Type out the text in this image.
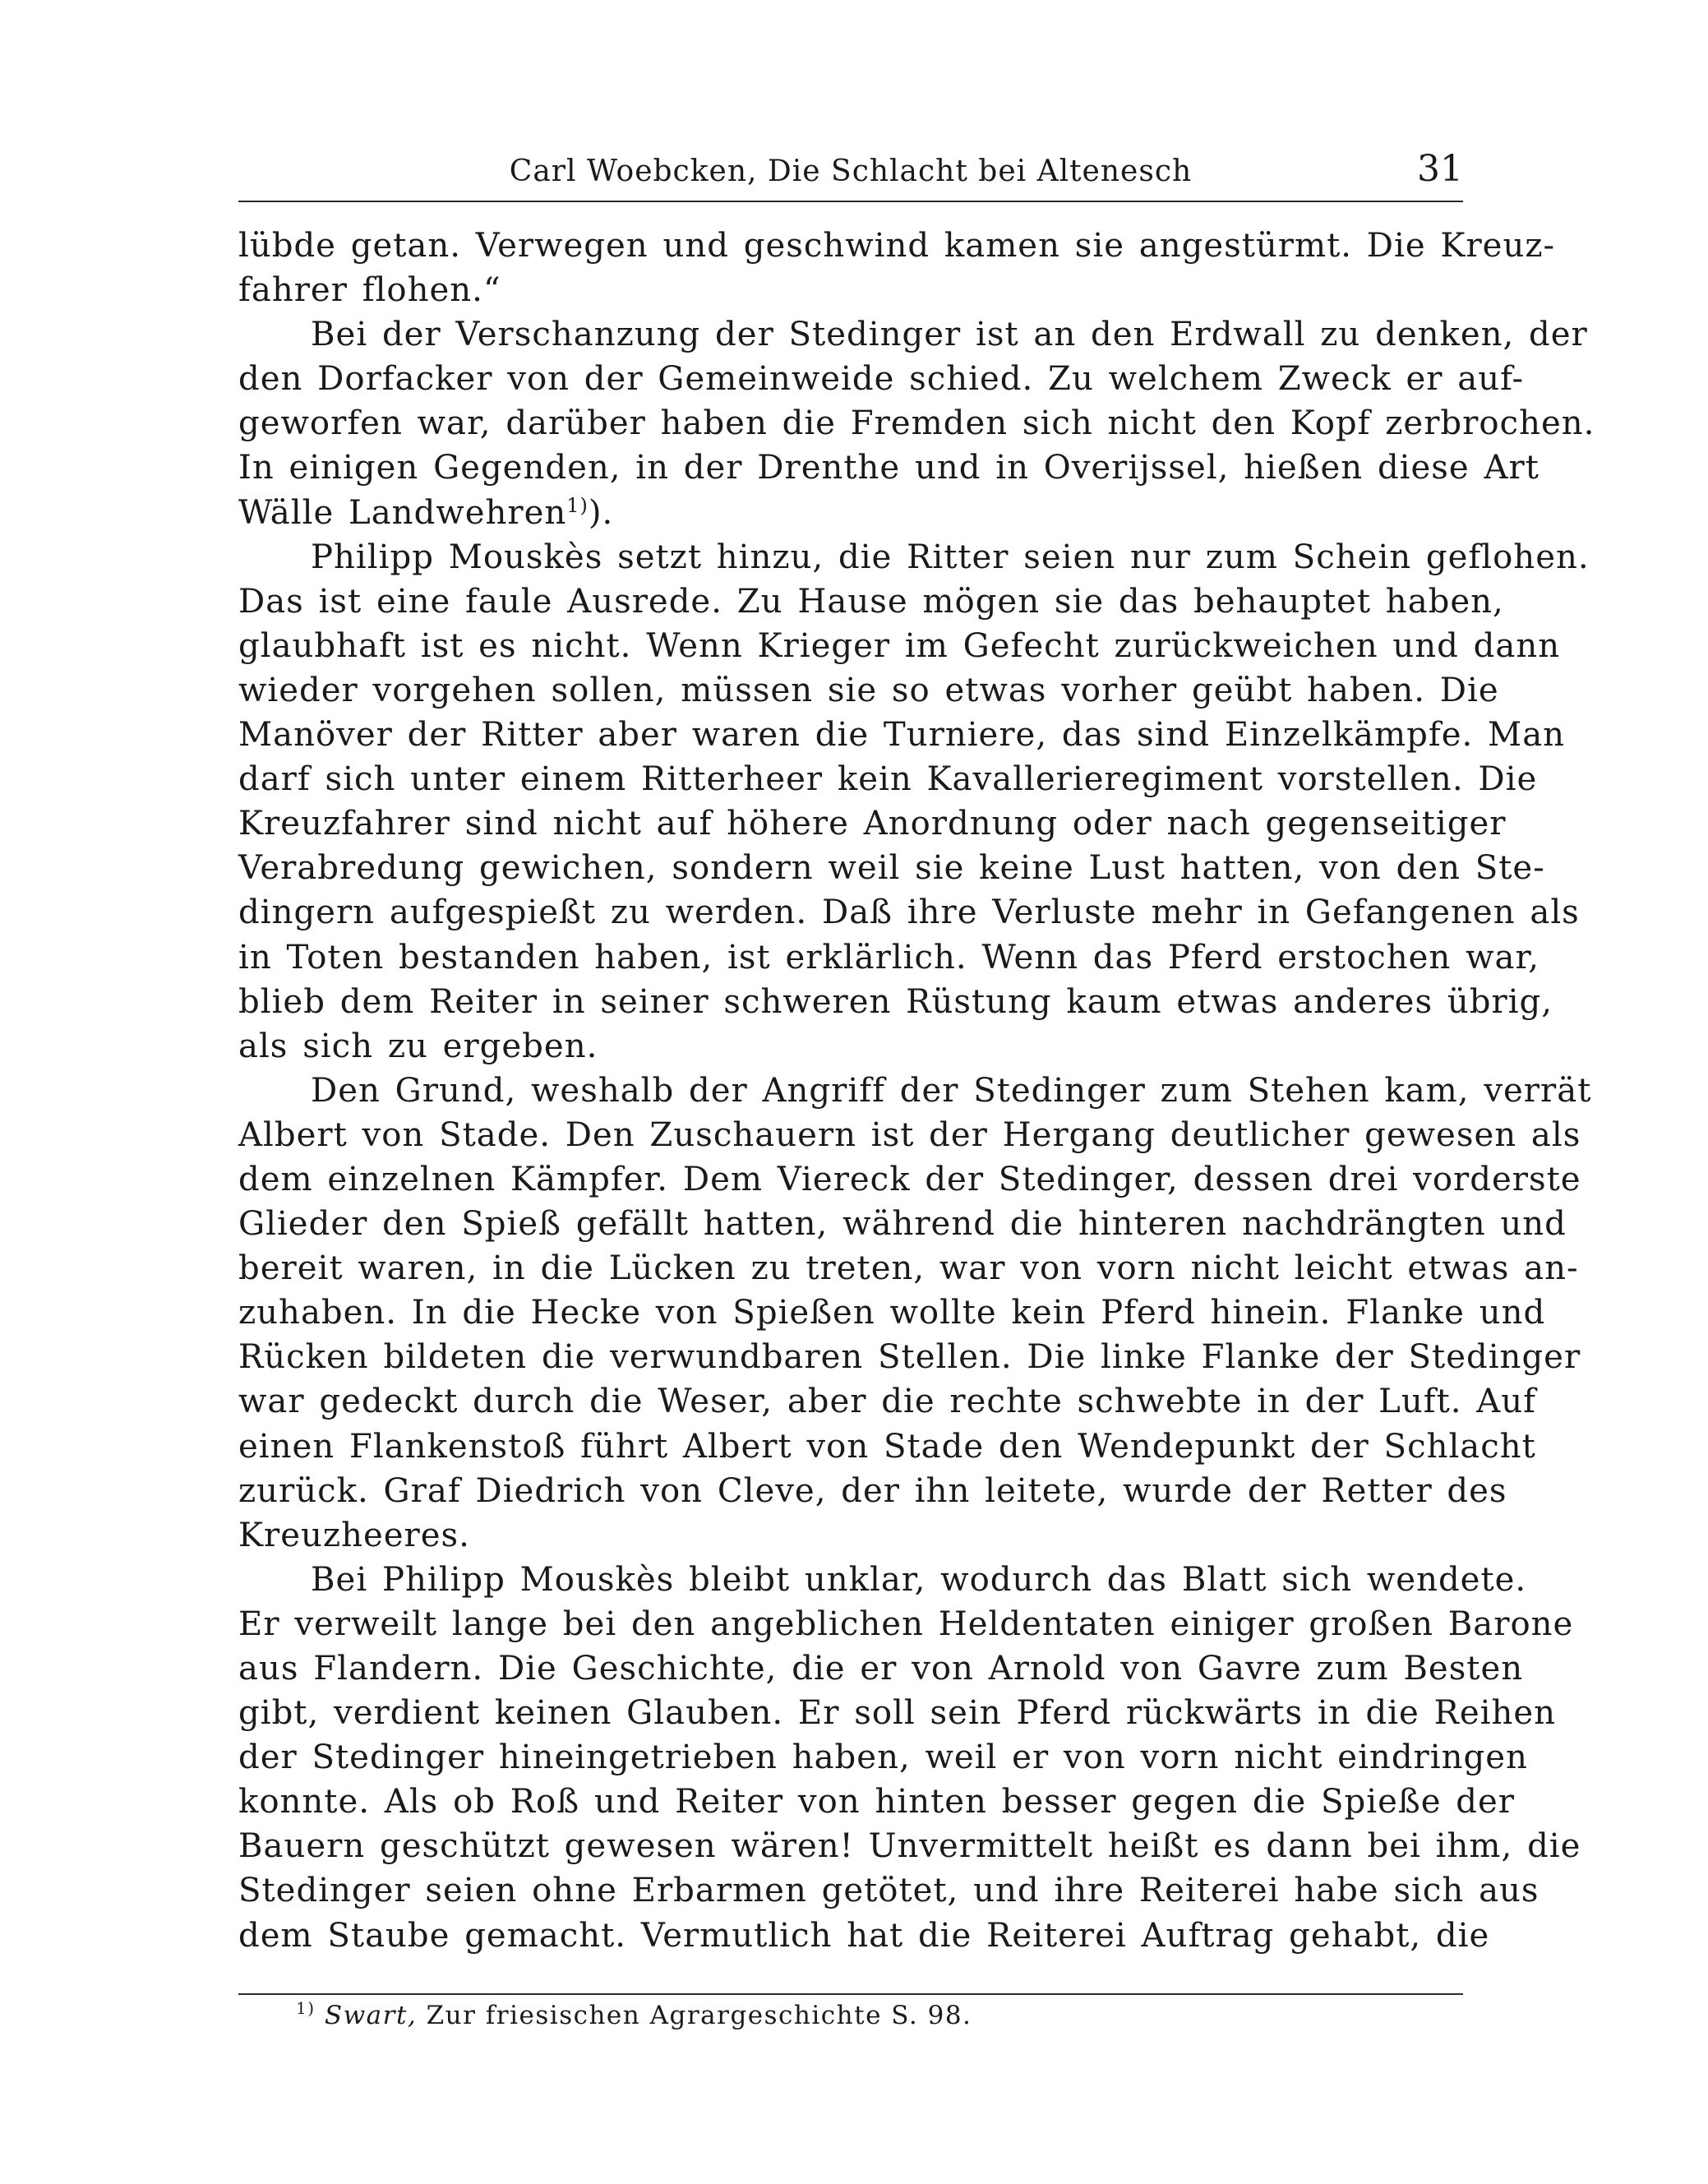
Carl Woebcken, Die Schlacht bei Altenesch	31
lübde getan. Verwegen und geschwind kamen sie angestürmt. Die Kreuz-
fahrer flohen.“
Bei der Verschanzung der Stedinger ist an den Erdwall zu denken, der
den Dorfacker von der Gemeinweide schied. Zu welchem Zweck er auf-
geworfen war, darüber haben die Fremden sich nicht den Kopf zerbrochen.
In einigen Gegenden, in der Drenthe und in Overijssel, hießen diese Art
Wälle Landwehren$^{1)}$).
Philipp Mouskès setzt hinzu, die Ritter seien nur zum Schein geflohen.
Das ist eine faule Ausrede. Zu Hause mögen sie das behauptet haben,
glaubhaft ist es nicht. Wenn Krieger im Gefecht zurückweichen und dann
wieder vorgehen sollen, müssen sie so etwas vorher geübt haben. Die
Manöver der Ritter aber waren die Turniere, das sind Einzelkämpfe. Man
darf sich unter einem Ritterheer kein Kavallerieregiment vorstellen. Die
Kreuzfahrer sind nicht auf höhere Anordnung oder nach gegenseitiger
Verabredung gewichen, sondern weil sie keine Lust hatten, von den Ste-
dingern aufgespießt zu werden. Daß ihre Verluste mehr in Gefangenen als
in Toten bestanden haben, ist erklärlich. Wenn das Pferd erstochen war,
blieb dem Reiter in seiner schweren Rüstung kaum etwas anderes übrig,
als sich zu ergeben.
Den Grund, weshalb der Angriff der Stedinger zum Stehen kam, verrät
Albert von Stade. Den Zuschauern ist der Hergang deutlicher gewesen als
dem einzelnen Kämpfer. Dem Viereck der Stedinger, dessen drei vorderste
Glieder den Spieß gefällt hatten, während die hinteren nachdrängten und
bereit waren, in die Lücken zu treten, war von vorn nicht leicht etwas an-
zuhaben. In die Hecke von Spießen wollte kein Pferd hinein. Flanke und
Rücken bildeten die verwundbaren Stellen. Die linke Flanke der Stedinger
war gedeckt durch die Weser, aber die rechte schwebte in der Luft. Auf
einen Flankenstoß führt Albert von Stade den Wendepunkt der Schlacht
zurück. Graf Diedrich von Cleve, der ihn leitete, wurde der Retter des
Kreuzheeres.
Bei Philipp Mouskès bleibt unklar, wodurch das Blatt sich wendete.
Er verweilt lange bei den angeblichen Heldentaten einiger großen Barone
aus Flandern. Die Geschichte, die er von Arnold von Gavre zum Besten
gibt, verdient keinen Glauben. Er soll sein Pferd rückwärts in die Reihen
der Stedinger hineingetrieben haben, weil er von vorn nicht eindringen
konnte. Als ob Roß und Reiter von hinten besser gegen die Spieße der
Bauern geschützt gewesen wären! Unvermittelt heißt es dann bei ihm, die
Stedinger seien ohne Erbarmen getötet, und ihre Reiterei habe sich aus
dem Staube gemacht. Vermutlich hat die Reiterei Auftrag gehabt, die
$^{1)}$ Swart, Zur friesischen Agrargeschichte S. 98.
